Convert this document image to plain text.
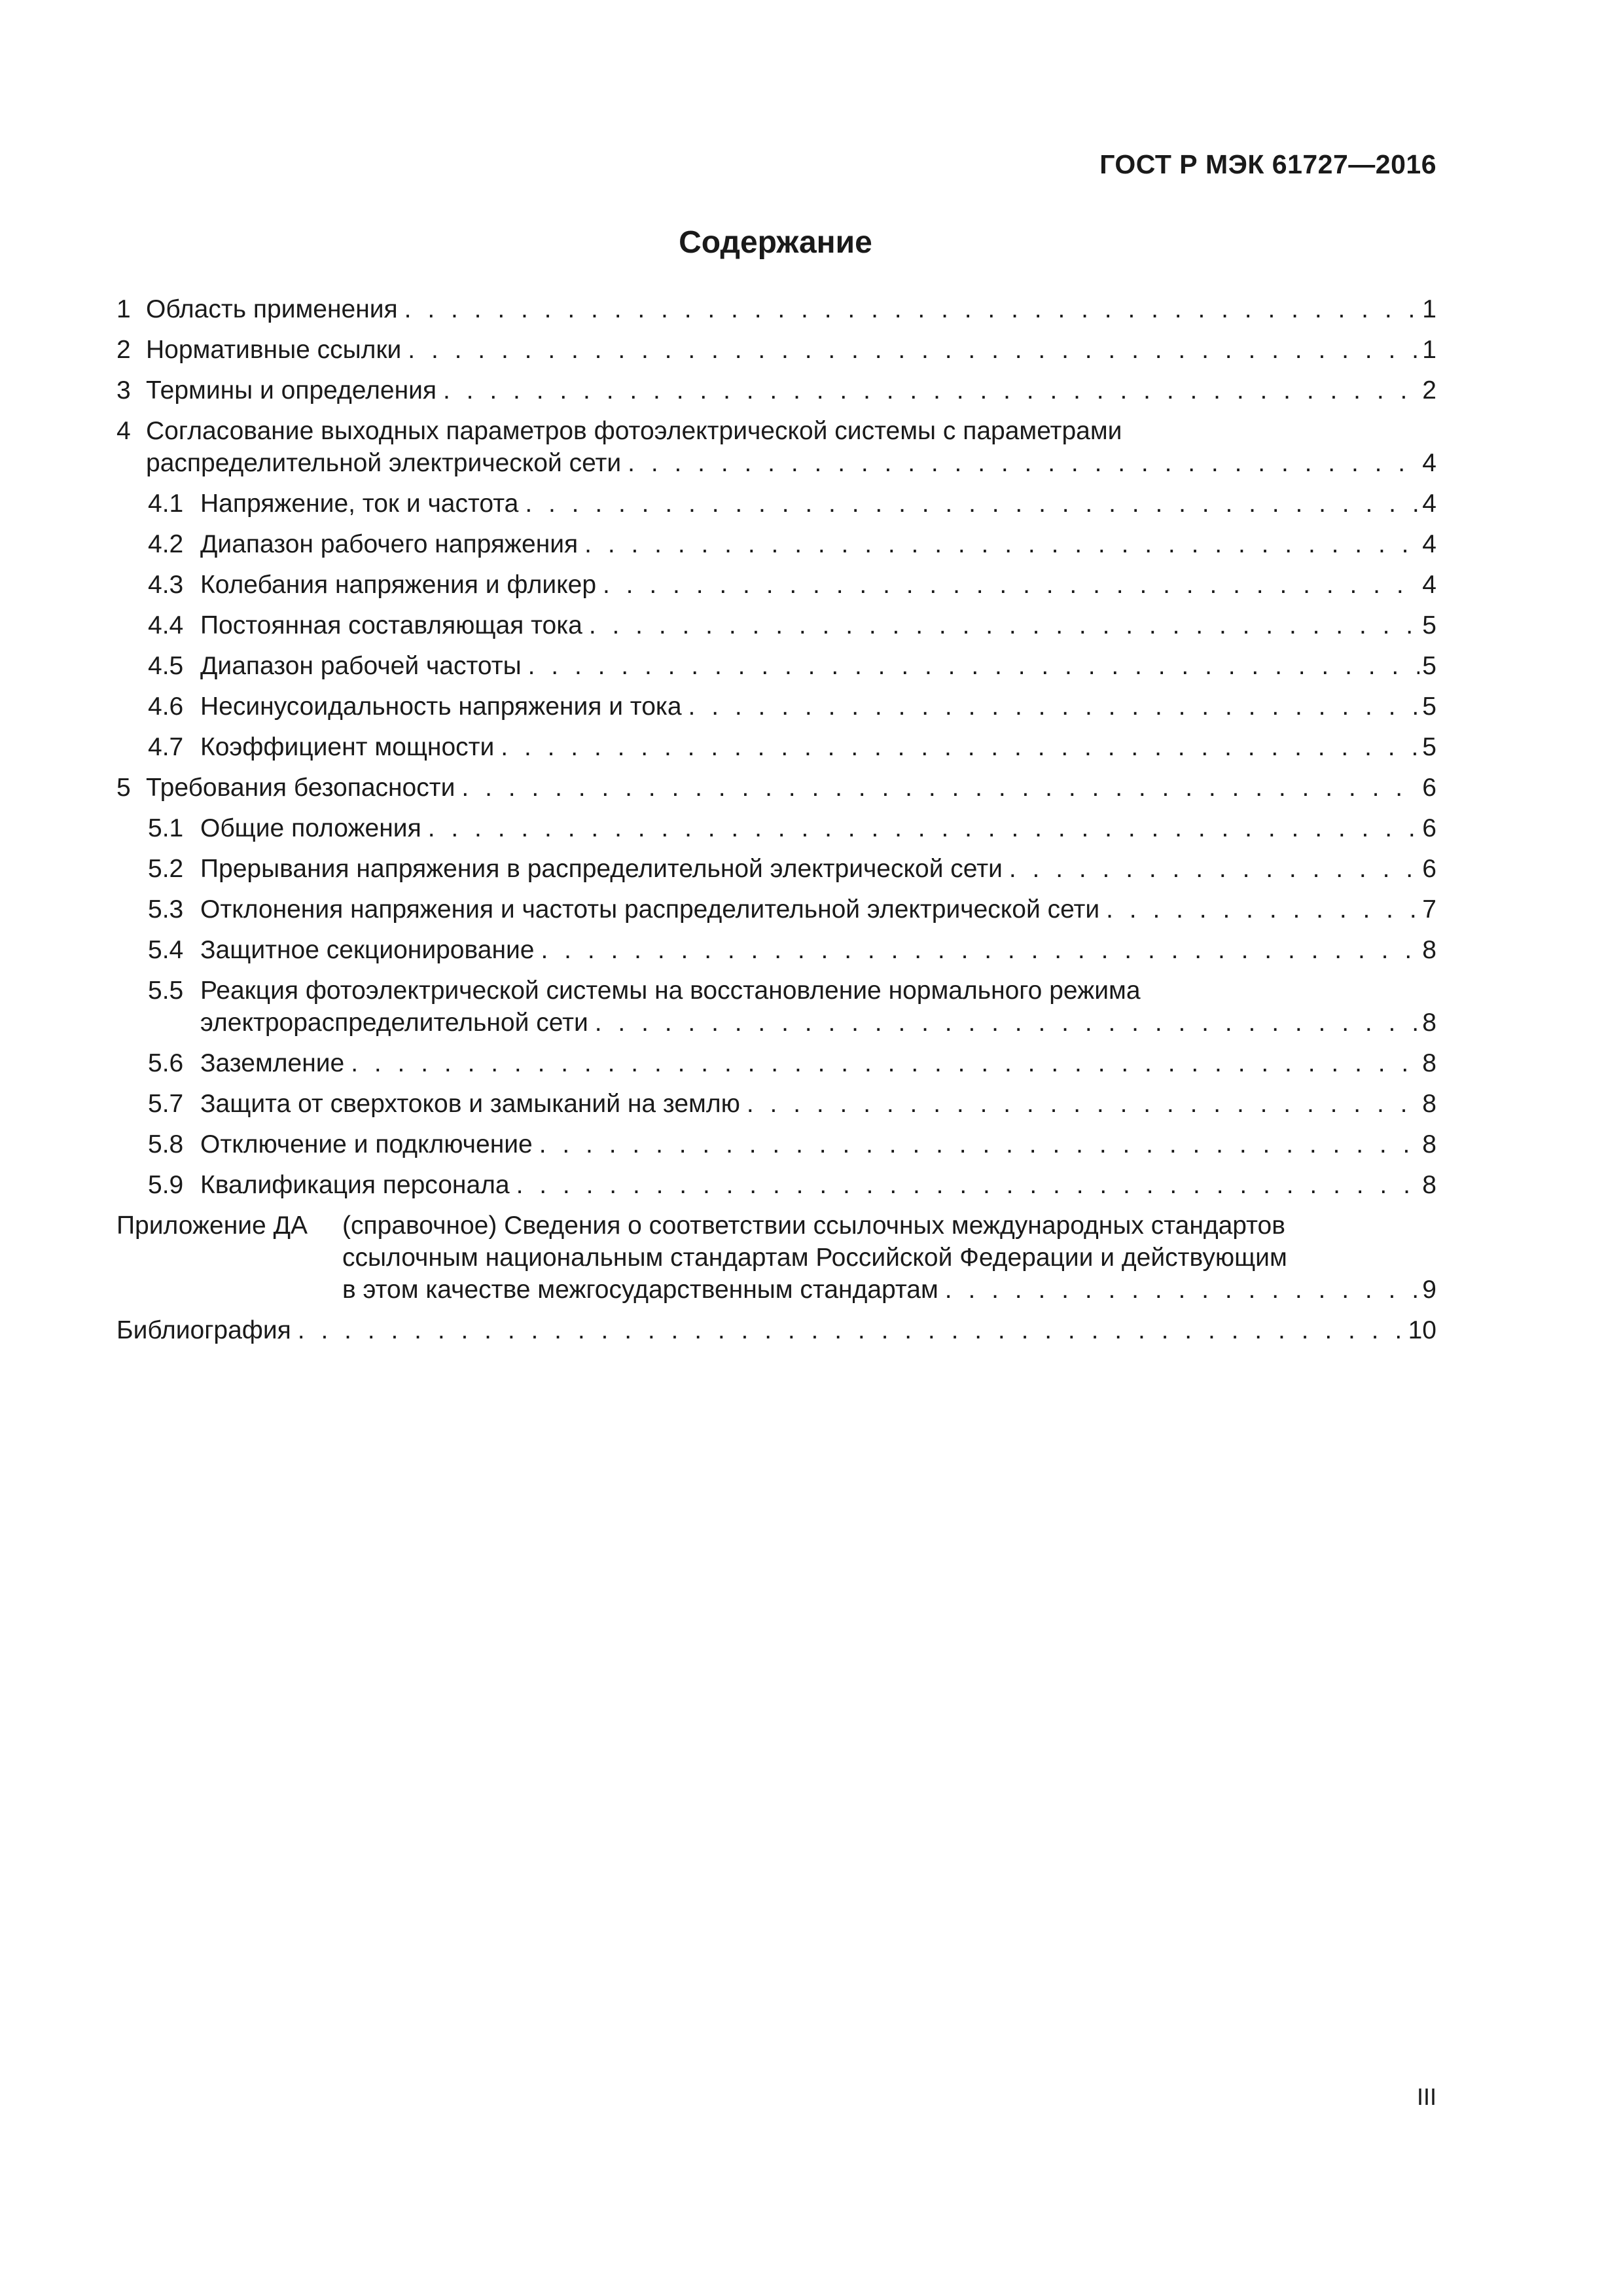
ГОСТ Р МЭК 61727—2016
Содержание
1 Область применения . . .	1
2 Нормативные ссылки . . .	1
3 Термины и определения . . .	2
4 Согласование выходных параметров фотоэлектрической системы с параметрами
распределительной электрической сети . . .	4
4.1 Напряжение, ток и частота . . .	4
4.2 Диапазон рабочего напряжения . . .	4
4.3 Колебания напряжения и фликер . . .	4
4.4 Постоянная составляющая тока . . .	5
4.5 Диапазон рабочей частоты . . .	5
4.6 Несинусоидальность напряжения и тока . . .	5
4.7 Коэффициент мощности . . .	5
5 Требования безопасности . . .	6
5.1 Общие положения . . .	6
5.2 Прерывания напряжения в распределительной электрической сети . . .	6
5.3 Отклонения напряжения и частоты распределительной электрической сети . . .	7
5.4 Защитное секционирование . . .	8
5.5 Реакция фотоэлектрической системы на восстановление нормального режима
электрораспределительной сети . . .	8
5.6 Заземление . . .	8
5.7 Защита от сверхтоков и замыканий на землю . . .	8
5.8 Отключение и подключение . . .	8
5.9 Квалификация персонала . . .	8
Приложение ДА	(справочное) Сведения о соответствии ссылочных международных стандартов
ссылочным национальным стандартам Российской Федерации и действующим
в этом качестве межгосударственным стандартам . . .	9
Библиография . . .	10
III
